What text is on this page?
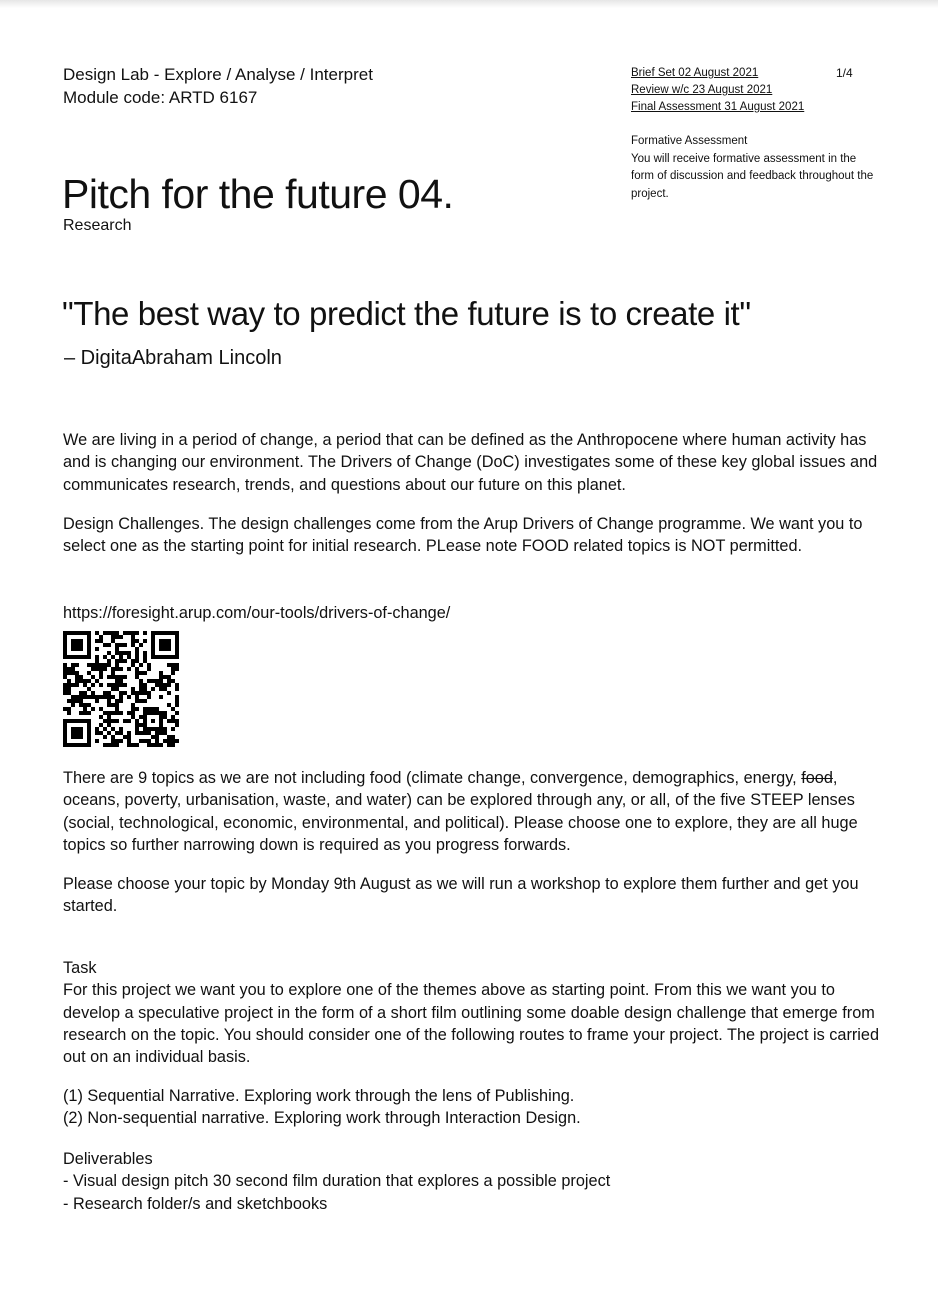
Design Lab - Explore / Analyse / Interpret
Module code: ARTD 6167
Brief Set 02 August 2021
Review w/c 23 August 2021
Final Assessment 31 August 2021
1/4
Formative Assessment
You will receive formative assessment in the form of discussion and feedback throughout the project.
Pitch for the future 04.
Research
"The best way to predict the future is to create it"
– DigitaAbraham Lincoln

We are living in a period of change, a period that can be defined as the Anthropocene where human activity has and is changing our environment. The Drivers of Change (DoC) investigates some of these key global issues and communicates research, trends, and questions about our future on this planet.

Design Challenges. The design challenges come from the Arup Drivers of Change programme. We want you to select one as the starting point for initial research. PLease note FOOD related topics is NOT permitted.

https://foresight.arup.com/our-tools/drivers-of-change/

There are 9 topics as we are not including food (climate change, convergence, demographics, energy, food, oceans, poverty, urbanisation, waste, and water) can be explored through any, or all, of the five STEEP lenses (social, technological, economic, environmental, and political). Please choose one to explore, they are all huge topics so further narrowing down is required as you progress forwards.

Please choose your topic by Monday 9th August as we will run a workshop to explore them further and get you started.

Task
For this project we want you to explore one of the themes above as starting point. From this we want you to develop a speculative project in the form of a short film outlining some doable design challenge that emerge from research on the topic. You should consider one of the following routes to frame your project. The project is carried out on an individual basis.
(1) Sequential Narrative. Exploring work through the lens of Publishing.
(2) Non-sequential narrative. Exploring work through Interaction Design.
Deliverables
- Visual design pitch 30 second film duration that explores a possible project
- Research folder/s and sketchbooks
